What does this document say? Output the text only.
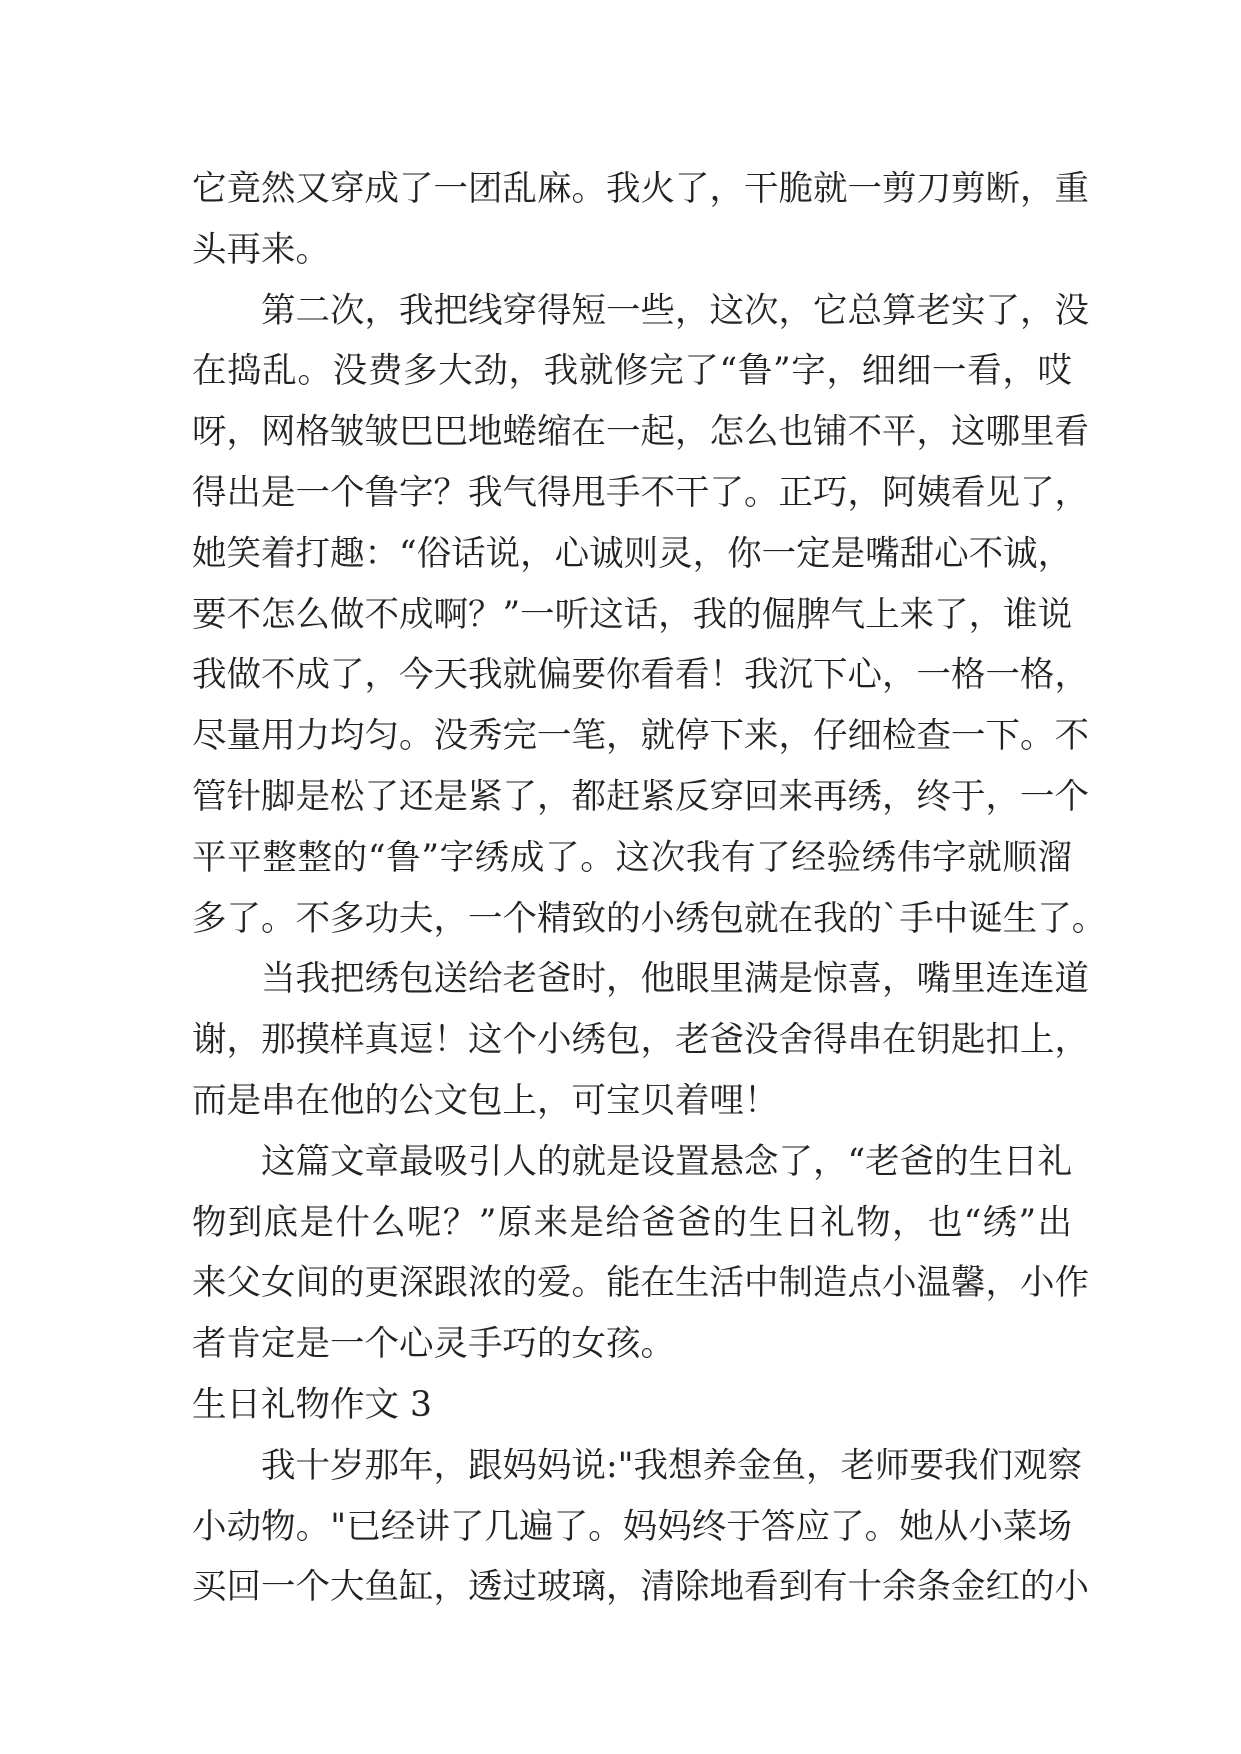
它竟然又穿成了一团乱麻。我火了，干脆就一剪刀剪断，重
头再来。
第二次，我把线穿得短一些，这次，它总算老实了，没
在捣乱。没费多大劲，我就修完了“鲁”字，细细一看，哎
呀，网格皱皱巴巴地蜷缩在一起，怎么也铺不平，这哪里看
得出是一个鲁字？我气得甩手不干了。正巧，阿姨看见了，
她笑着打趣：“俗话说，心诚则灵，你一定是嘴甜心不诚，
要不怎么做不成啊？”一听这话，我的倔脾气上来了，谁说
我做不成了，今天我就偏要你看看！我沉下心，一格一格，
尽量用力均匀。没秀完一笔，就停下来，仔细检查一下。不
管针脚是松了还是紧了，都赶紧反穿回来再绣，终于，一个
平平整整的“鲁”字绣成了。这次我有了经验绣伟字就顺溜
多了。不多功夫，一个精致的小绣包就在我的`手中诞生了。
当我把绣包送给老爸时，他眼里满是惊喜，嘴里连连道
谢，那摸样真逗！这个小绣包，老爸没舍得串在钥匙扣上，
而是串在他的公文包上，可宝贝着哩！
这篇文章最吸引人的就是设置悬念了，“老爸的生日礼
物到底是什么呢？”原来是给爸爸的生日礼物，也“绣”出
来父女间的更深跟浓的爱。能在生活中制造点小温馨，小作
者肯定是一个心灵手巧的女孩。
生日礼物作文 3
我十岁那年，跟妈妈说:"我想养金鱼，老师要我们观察
小动物。"已经讲了几遍了。妈妈终于答应了。她从小菜场
买回一个大鱼缸，透过玻璃，清除地看到有十余条金红的小
